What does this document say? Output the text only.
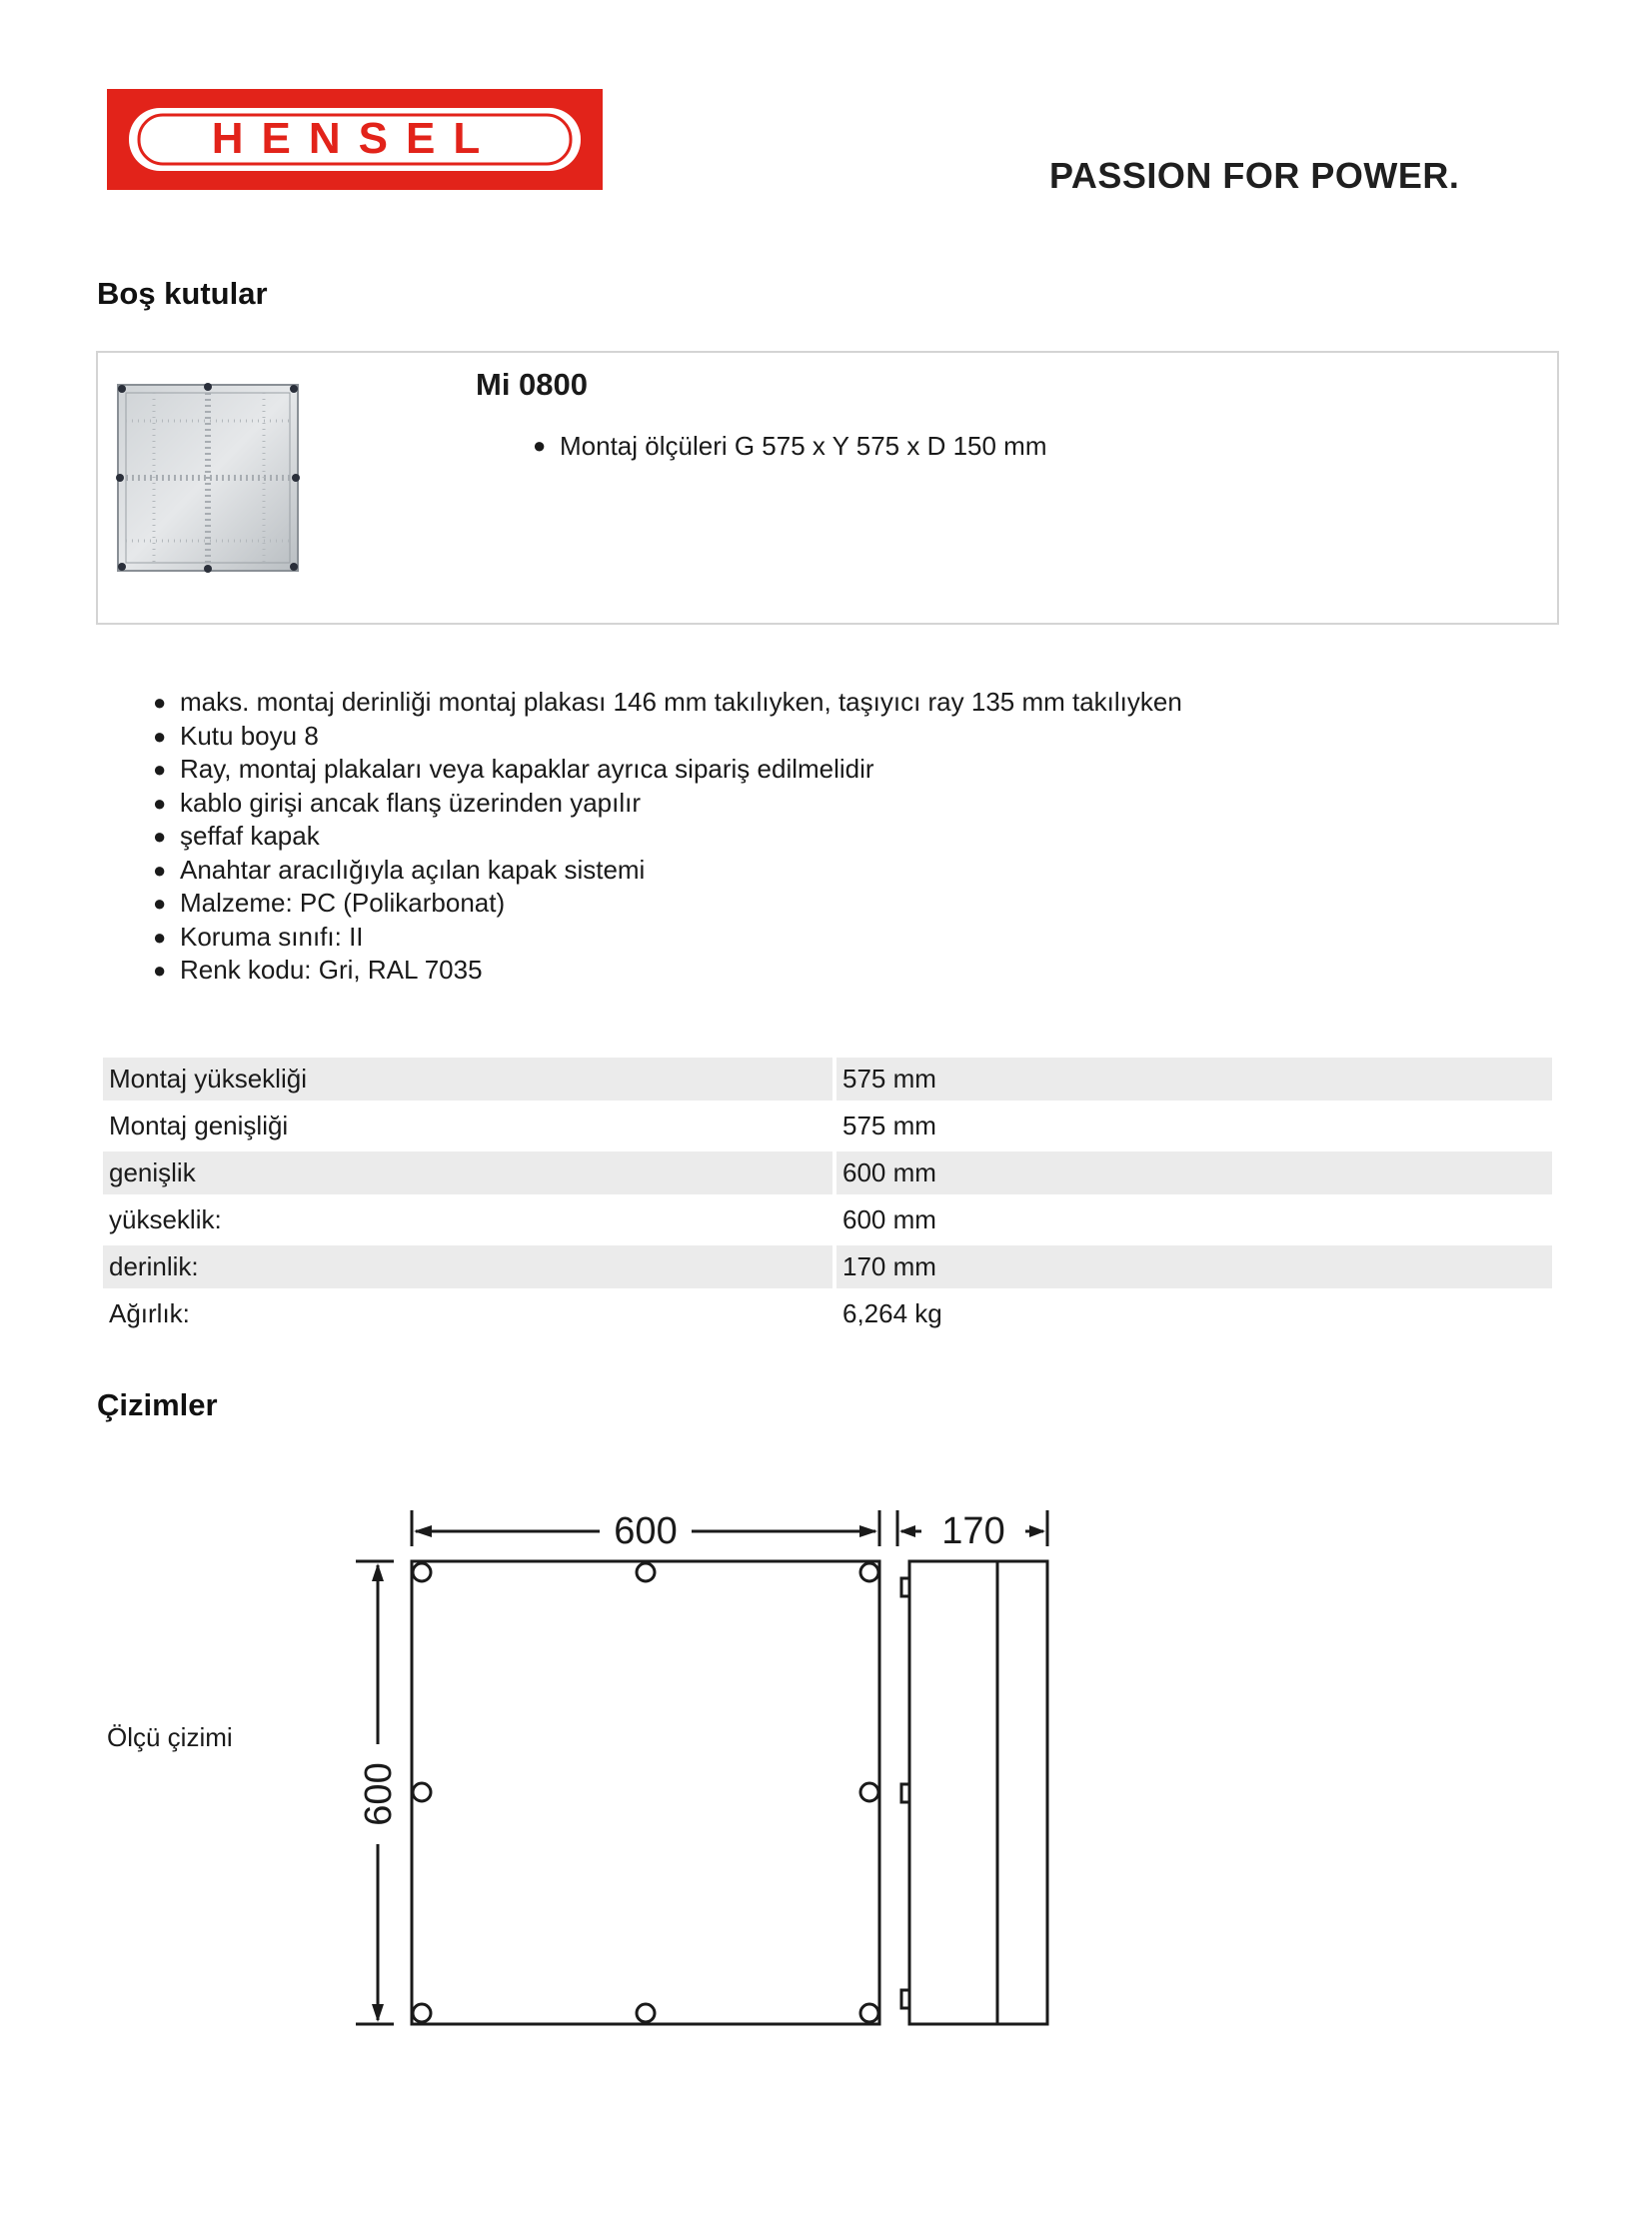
HENSEL
PASSION FOR POWER.
Boş kutular
Mi 0800
● Montaj ölçüleri G 575 x Y 575 x D 150 mm
● maks. montaj derinliği montaj plakası 146 mm takılıyken, taşıyıcı ray 135 mm takılıyken
● Kutu boyu 8
● Ray, montaj plakaları veya kapaklar ayrıca sipariş edilmelidir
● kablo girişi ancak flanş üzerinden yapılır
● şeffaf kapak
● Anahtar aracılığıyla açılan kapak sistemi
● Malzeme: PC (Polikarbonat)
● Koruma sınıfı: II
● Renk kodu: Gri, RAL 7035
Montaj yüksekliği	575 mm
Montaj genişliği	575 mm
genişlik	600 mm
yükseklik:	600 mm
derinlik:	170 mm
Ağırlık:	6,264 kg
Çizimler
Ölçü çizimi
600	170
600
